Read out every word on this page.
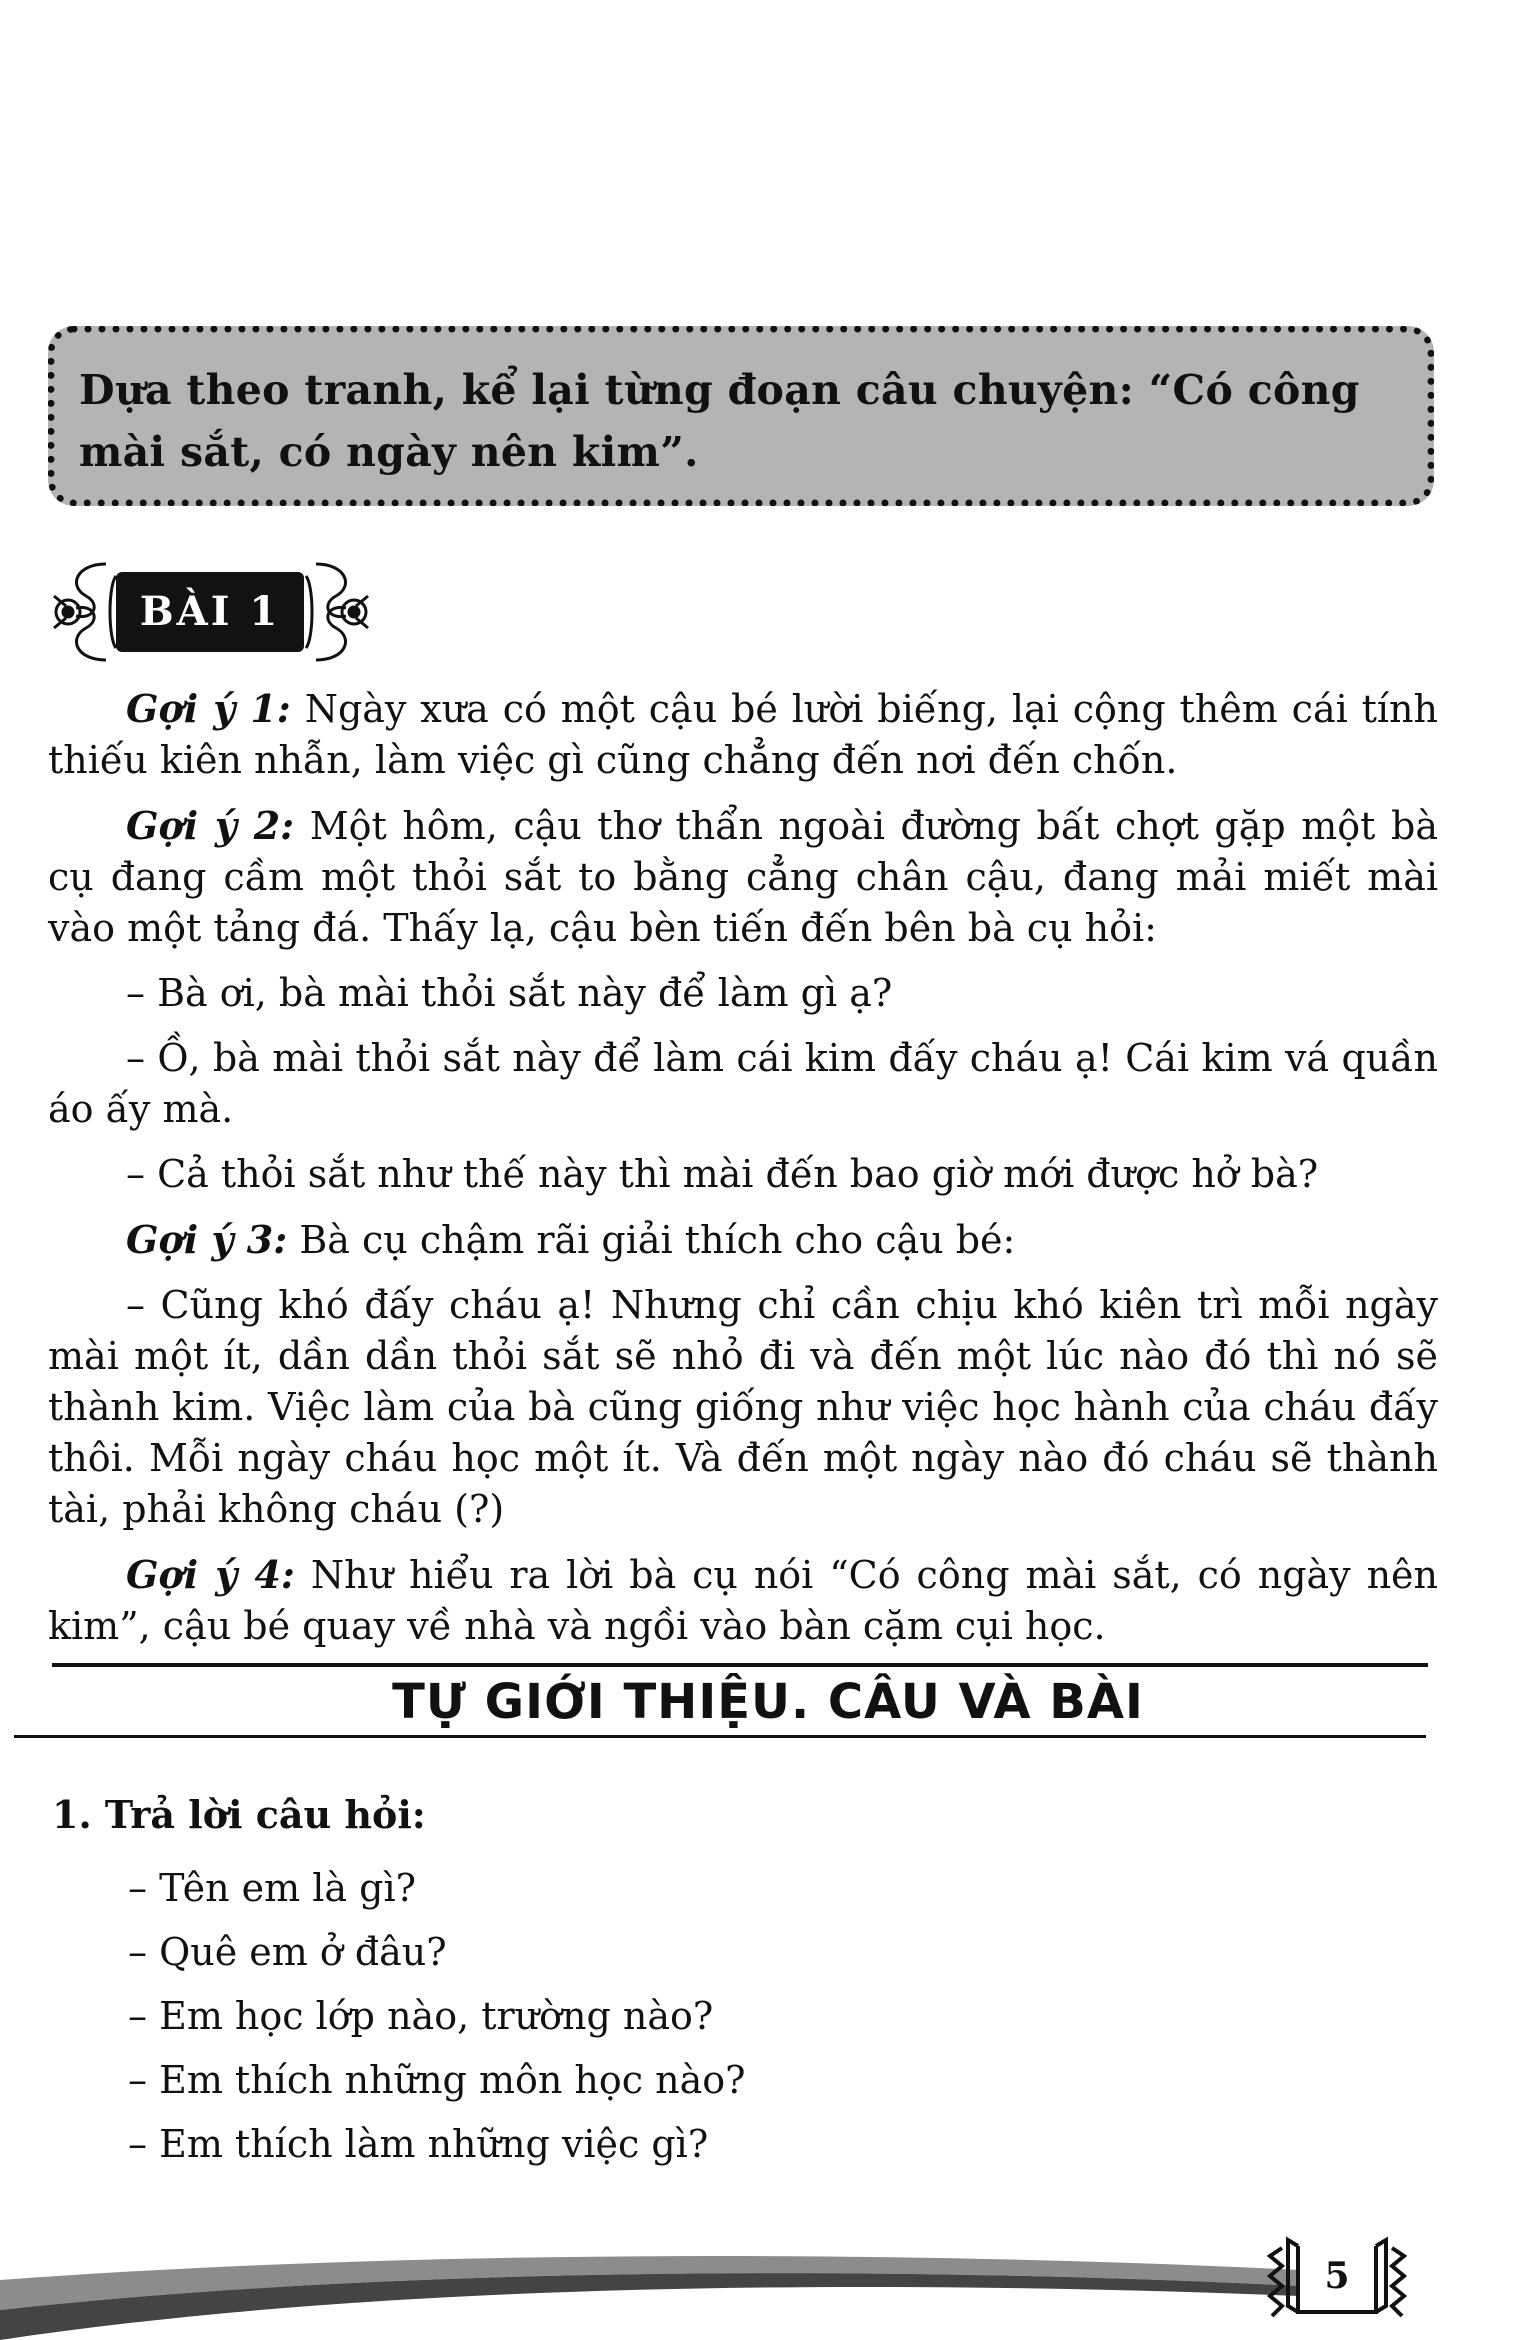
Dựa theo tranh, kể lại từng đoạn câu chuyện: “Có công mài sắt, có ngày nên kim”.

BÀI 1

Gợi ý 1: Ngày xưa có một cậu bé lười biếng, lại cộng thêm cái tính thiếu kiên nhẫn, làm việc gì cũng chẳng đến nơi đến chốn.

Gợi ý 2: Một hôm, cậu thơ thẩn ngoài đường bất chợt gặp một bà cụ đang cầm một thỏi sắt to bằng cẳng chân cậu, đang mải miết mài vào một tảng đá. Thấy lạ, cậu bèn tiến đến bên bà cụ hỏi:

– Bà ơi, bà mài thỏi sắt này để làm gì ạ?

– Ồ, bà mài thỏi sắt này để làm cái kim đấy cháu ạ! Cái kim vá quần áo ấy mà.

– Cả thỏi sắt như thế này thì mài đến bao giờ mới được hở bà?

Gợi ý 3: Bà cụ chậm rãi giải thích cho cậu bé:

– Cũng khó đấy cháu ạ! Nhưng chỉ cần chịu khó kiên trì mỗi ngày mài một ít, dần dần thỏi sắt sẽ nhỏ đi và đến một lúc nào đó thì nó sẽ thành kim. Việc làm của bà cũng giống như việc học hành của cháu đấy thôi. Mỗi ngày cháu học một ít. Và đến một ngày nào đó cháu sẽ thành tài, phải không cháu (?)

Gợi ý 4: Như hiểu ra lời bà cụ nói “Có công mài sắt, có ngày nên kim”, cậu bé quay về nhà và ngồi vào bàn cặm cụi học.

TỰ GIỚI THIỆU. CÂU VÀ BÀI
1. Trả lời câu hỏi:
– Tên em là gì?
– Quê em ở đâu?
– Em học lớp nào, trường nào?
– Em thích những môn học nào?
– Em thích làm những việc gì?
5
